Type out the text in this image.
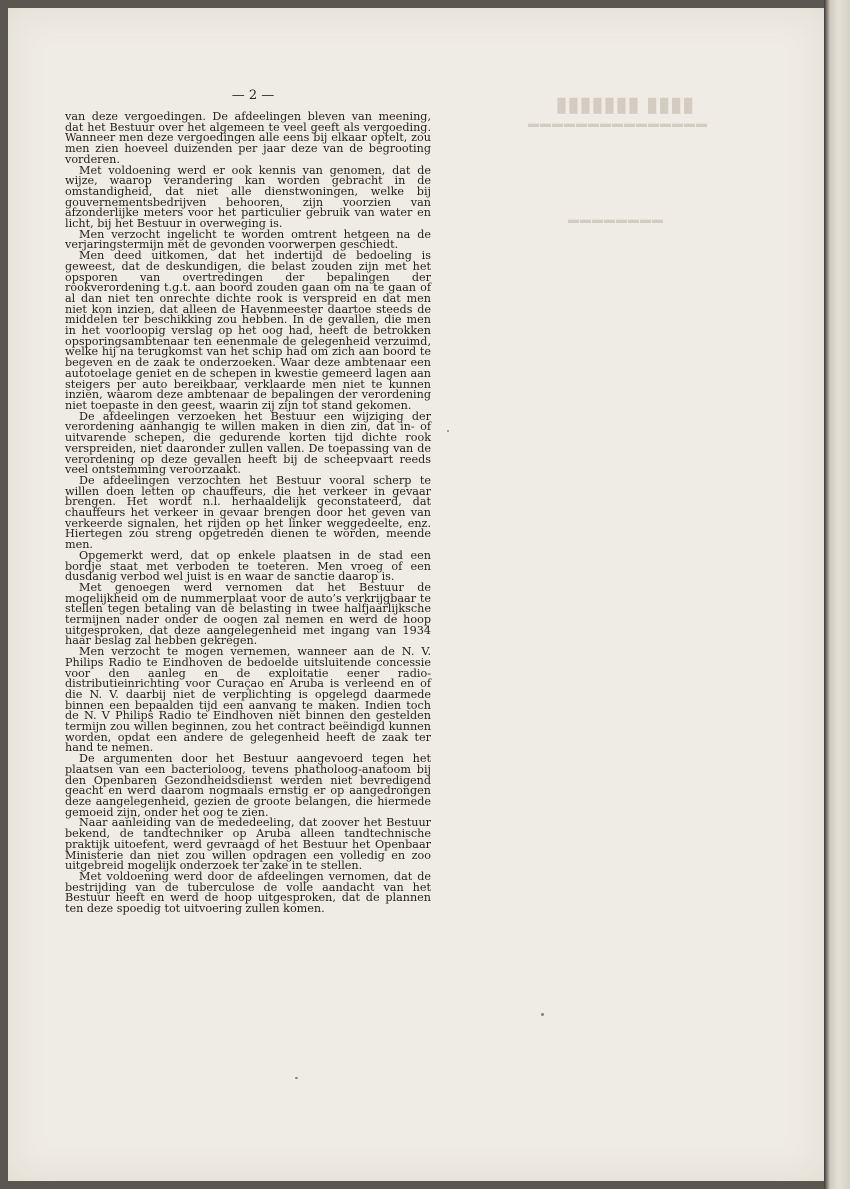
▮▮▮▮▮▮▮ ▮▮▮▮
▬▬▬▬▬▬▬▬▬▬▬▬▬▬▬
▬▬▬▬▬▬▬▬
— 2 —

van deze vergoedingen. De afdeelingen bleven van meening, dat het Bestuur over het algemeen te veel geeft als vergoeding. Wanneer men deze vergoedingen alle eens bij elkaar optelt, zou men zien hoeveel duizenden per jaar deze van de begrooting vorderen.

Met voldoening werd er ook kennis van genomen, dat de wijze, waarop verandering kan worden gebracht in de omstandigheid, dat niet alle dienstwoningen, welke bij gouvernementsbedrijven behooren, zijn voorzien van afzonderlijke meters voor het particulier gebruik van water en licht, bij het Bestuur in overweging is.

Men verzocht ingelicht te worden omtrent hetgeen na de verjaringstermijn met de gevonden voorwerpen geschiedt.

Men deed uitkomen, dat het indertijd de bedoeling is geweest, dat de deskundigen, die belast zouden zijn met het opsporen van overtredingen der bepalingen der rookverordening t.g.t. aan boord zouden gaan om na te gaan of al dan niet ten onrechte dichte rook is verspreid en dat men niet kon inzien, dat alleen de Havenmeester daartoe steeds de middelen ter beschikking zou hebben. In de gevallen, die men in het voorloopig verslag op het oog had, heeft de betrokken opsporingsambtenaar ten eenenmale de gelegenheid verzuimd, welke hij na terugkomst van het schip had om zich aan boord te begeven en de zaak te onderzoeken. Waar deze ambtenaar een autotoelage geniet en de schepen in kwestie gemeerd lagen aan steigers per auto bereikbaar, verklaarde men niet te kunnen inzien, waarom deze ambtenaar de bepalingen der verordening niet toepaste in den geest, waarin zij zijn tot stand gekomen.

De afdeelingen verzoeken het Bestuur een wijziging der verordening aanhangig te willen maken in dien zin, dat in- of uitvarende schepen, die gedurende korten tijd dichte rook verspreiden, niet daaronder zullen vallen. De toepassing van de verordening op deze gevallen heeft bij de scheepvaart reeds veel ontstemming veroorzaakt.

De afdeelingen verzochten het Bestuur vooral scherp te willen doen letten op chauffeurs, die het verkeer in gevaar brengen. Het wordt n.l. herhaaldelijk geconstateerd, dat chauffeurs het verkeer in gevaar brengen door het geven van verkeerde signalen, het rijden op het linker weggedeelte, enz. Hiertegen zou streng opgetreden dienen te worden, meende men.

Opgemerkt werd, dat op enkele plaatsen in de stad een bordje staat met verboden te toeteren. Men vroeg of een dusdanig verbod wel juist is en waar de sanctie daarop is.

Met genoegen werd vernomen dat het Bestuur de mogelijkheid om de nummerplaat voor de auto’s verkrijgbaar te stellen tegen betaling van de belasting in twee halfjaarlijksche termijnen nader onder de oogen zal nemen en werd de hoop uitgesproken, dat deze aangelegenheid met ingang van 1934 haar beslag zal hebben gekregen.

Men verzocht te mogen vernemen, wanneer aan de N. V. Philips Radio te Eindhoven de bedoelde uitsluitende concessie voor den aanleg en de exploitatie eener radio-distributieinrichting voor Curaçao en Aruba is verleend en of die N. V. daarbij niet de verplichting is opgelegd daarmede binnen een bepaalden tijd een aanvang te maken. Indien toch de N. V Philips Radio te Eindhoven niet binnen den gestelden termijn zou willen beginnen, zou het contract beëindigd kunnen worden, opdat een andere de gelegenheid heeft de zaak ter hand te nemen.

De argumenten door het Bestuur aangevoerd tegen het plaatsen van een bacterioloog, tevens phatholoog-anatoom bij den Openbaren Gezondheidsdienst werden niet bevredigend geacht en werd daarom nogmaals ernstig er op aangedrongen deze aangelegenheid, gezien de groote belangen, die hiermede gemoeid zijn, onder het oog te zien.

Naar aanleiding van de mededeeling, dat zoover het Bestuur bekend, de tandtechniker op Aruba alleen tandtechnische praktijk uitoefent, werd gevraagd of het Bestuur het Openbaar Ministerie dan niet zou willen opdragen een volledig en zoo uitgebreid mogelijk onderzoek ter zake in te stellen.

Met voldoening werd door de afdeelingen vernomen, dat de bestrijding van de tuberculose de volle aandacht van het Bestuur heeft en werd de hoop uitgesproken, dat de plannen ten deze spoedig tot uitvoering zullen komen.
